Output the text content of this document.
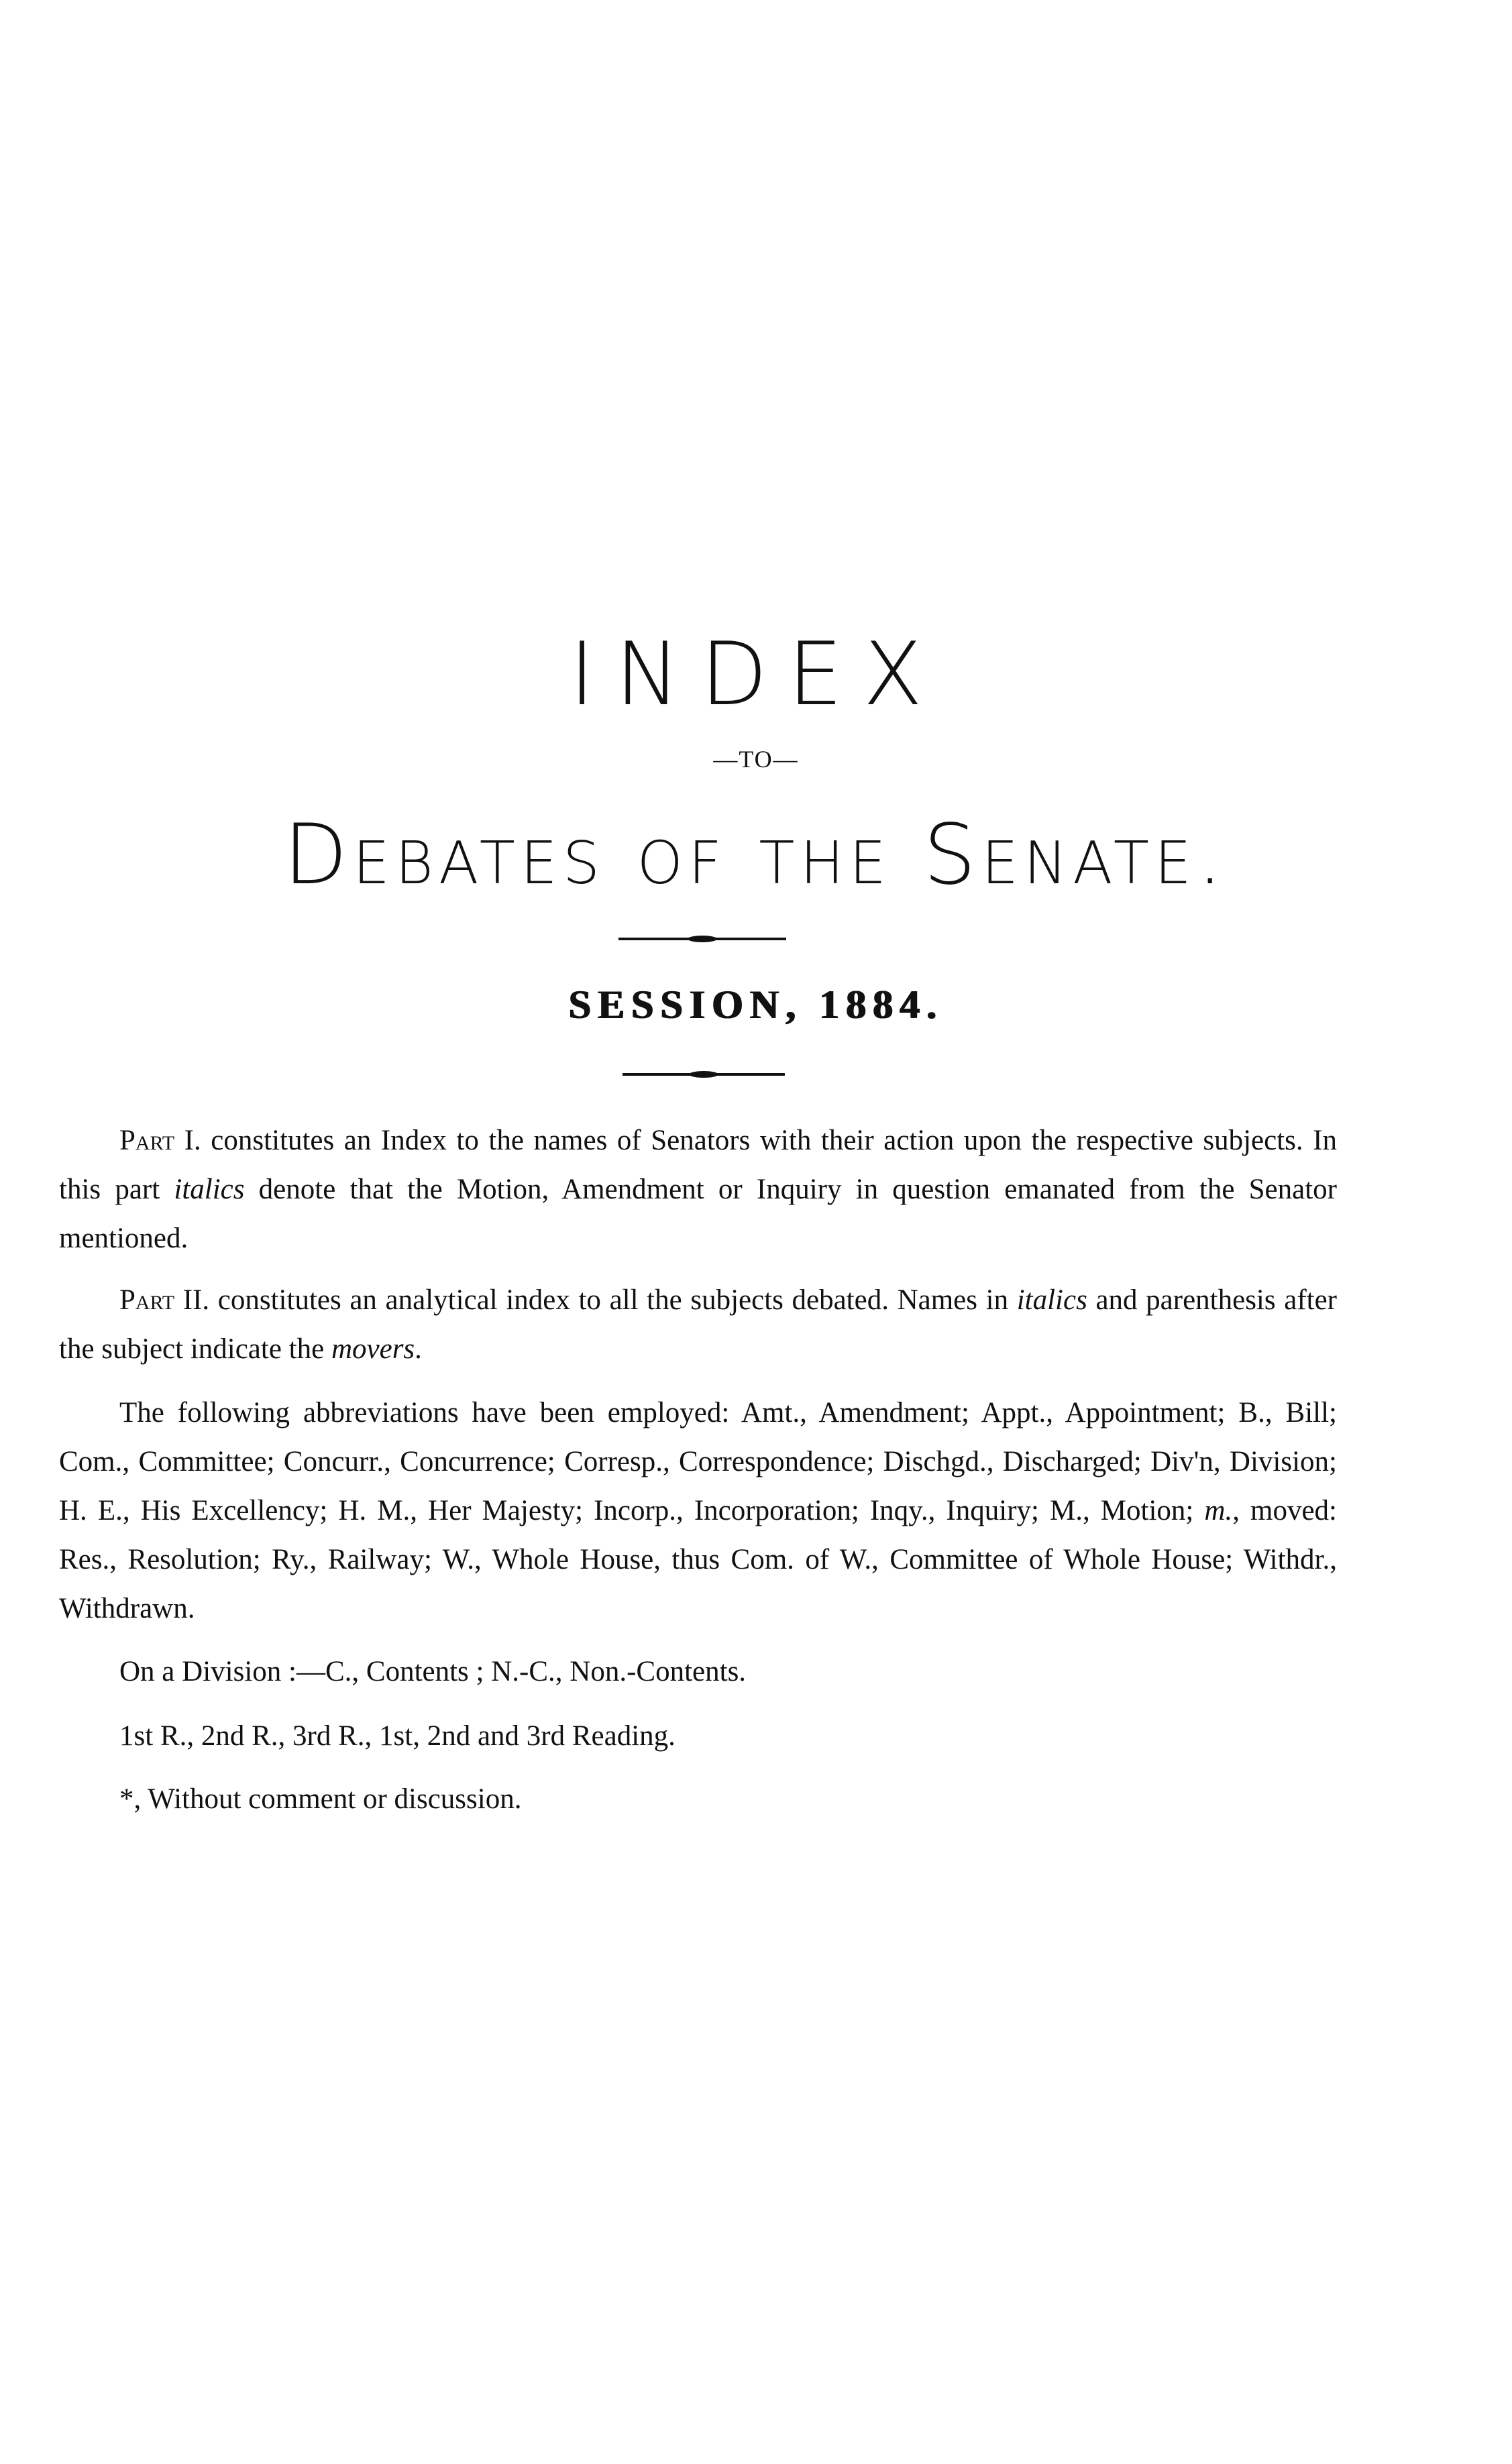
INDEX
—TO—
Debates of the Senate.
SESSION, 1884.

Part I. constitutes an Index to the names of Senators with their action upon the respective subjects. In this part italics denote that the Motion, Amendment or Inquiry in question emanated from the Senator mentioned.

Part II. constitutes an analytical index to all the subjects debated. Names in italics and parenthesis after the subject indicate the movers.

The following abbreviations have been employed: Amt., Amendment; Appt., Appointment; B., Bill; Com., Committee; Concurr., Concurrence; Corresp., Correspondence; Dischgd., Discharged; Div'n, Division; H. E., His Excellency; H. M., Her Majesty; Incorp., Incorporation; Inqy., Inquiry; M., Motion; m., moved: Res., Resolution; Ry., Railway; W., Whole House, thus Com. of W., Committee of Whole House; Withdr., Withdrawn.

On a Division :—C., Contents ; N.-C., Non.-Contents.

1st R., 2nd R., 3rd R., 1st, 2nd and 3rd Reading.

*, Without comment or discussion.
